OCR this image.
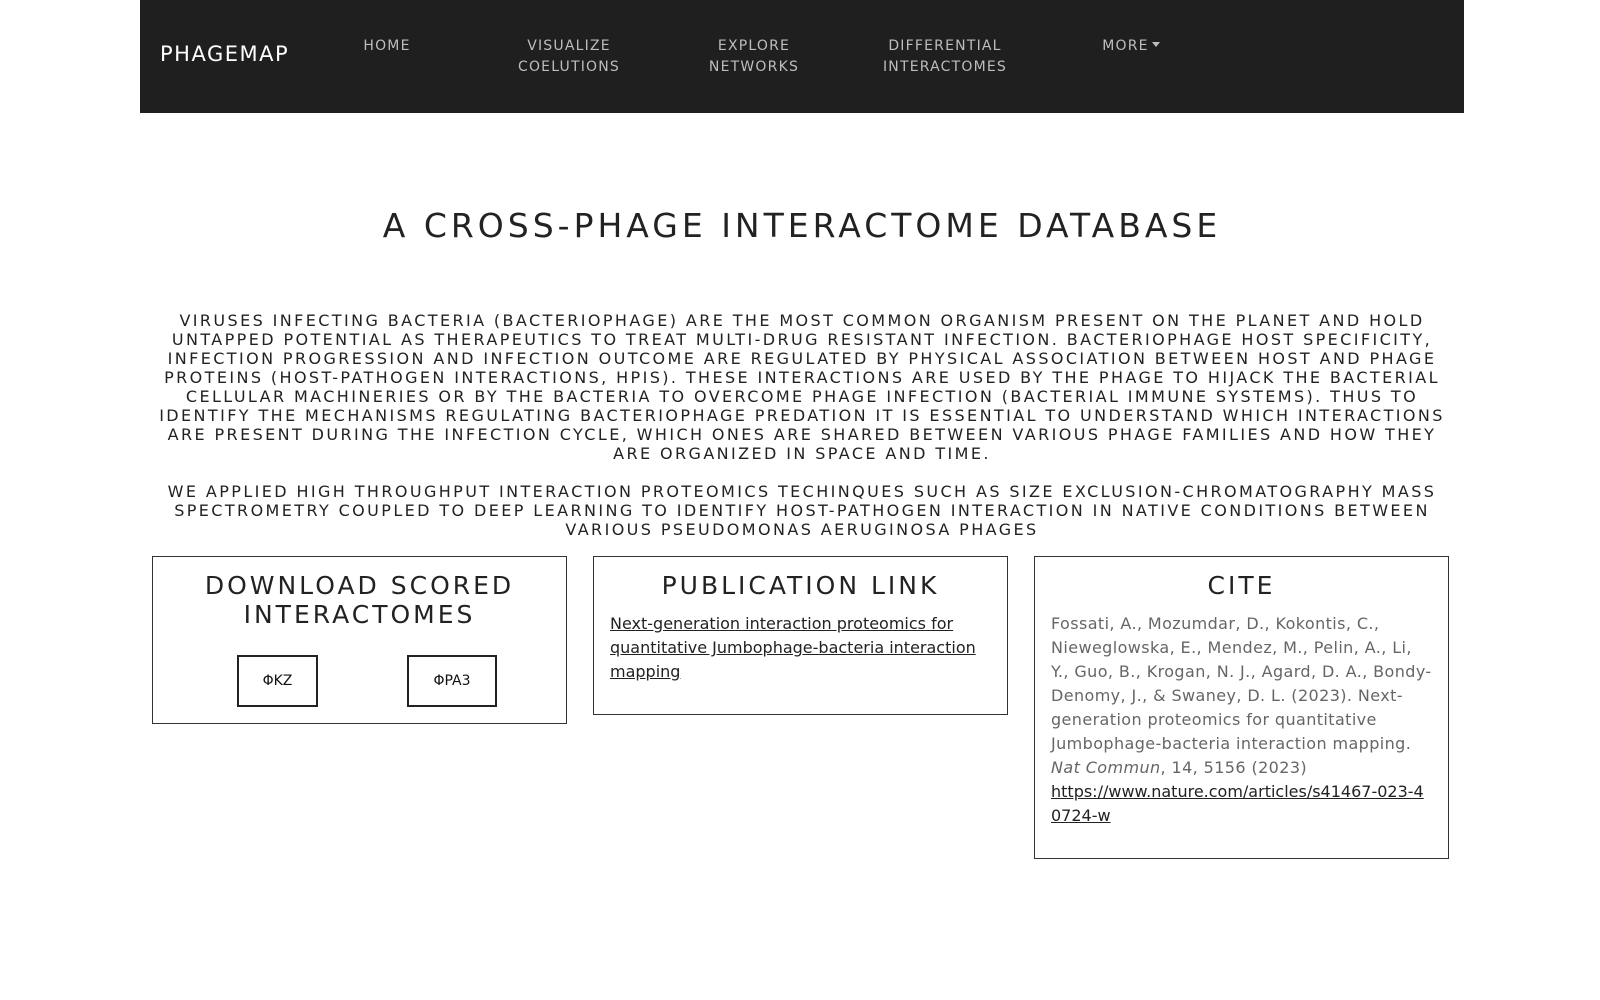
PHAGEMAP	HOME	VISUALIZE
COELUTIONS
EXPLORE
NETWORKS
DIFFERENTIAL
INTERACTOMES
MORE
A CROSS-PHAGE INTERACTOME DATABASE

VIRUSES INFECTING BACTERIA (BACTERIOPHAGE) ARE THE MOST COMMON ORGANISM PRESENT ON THE PLANET AND HOLD UNTAPPED POTENTIAL AS THERAPEUTICS TO TREAT MULTI-DRUG RESISTANT INFECTION. BACTERIOPHAGE HOST SPECIFICITY, INFECTION PROGRESSION AND INFECTION OUTCOME ARE REGULATED BY PHYSICAL ASSOCIATION BETWEEN HOST AND PHAGE PROTEINS (HOST-PATHOGEN INTERACTIONS, HPIS). THESE INTERACTIONS ARE USED BY THE PHAGE TO HIJACK THE BACTERIAL CELLULAR MACHINERIES OR BY THE BACTERIA TO OVERCOME PHAGE INFECTION (BACTERIAL IMMUNE SYSTEMS). THUS TO IDENTIFY THE MECHANISMS REGULATING BACTERIOPHAGE PREDATION IT IS ESSENTIAL TO UNDERSTAND WHICH INTERACTIONS ARE PRESENT DURING THE INFECTION CYCLE, WHICH ONES ARE SHARED BETWEEN VARIOUS PHAGE FAMILIES AND HOW THEY ARE ORGANIZED IN SPACE AND TIME.

WE APPLIED HIGH THROUGHPUT INTERACTION PROTEOMICS TECHINQUES SUCH AS SIZE EXCLUSION-CHROMATOGRAPHY MASS SPECTROMETRY COUPLED TO DEEP LEARNING TO IDENTIFY HOST-PATHOGEN INTERACTION IN NATIVE CONDITIONS BETWEEN VARIOUS PSEUDOMONAS AERUGINOSA PHAGES

DOWNLOAD SCORED INTERACTOMES
ΦKZ	ΦPA3
PUBLICATION LINK
Next-generation interaction proteomics for quantitative Jumbophage-bacteria interaction mapping
CITE
Fossati, A., Mozumdar, D., Kokontis, C., Nieweglowska, E., Mendez, M., Pelin, A., Li, Y., Guo, B., Krogan, N. J., Agard, D. A., Bondy-Denomy, J., & Swaney, D. L. (2023). Next-generation proteomics for quantitative Jumbophage-bacteria interaction mapping. Nat Commun, 14, 5156 (2023)
https://www.nature.com/articles/s41467-023-40724-w
